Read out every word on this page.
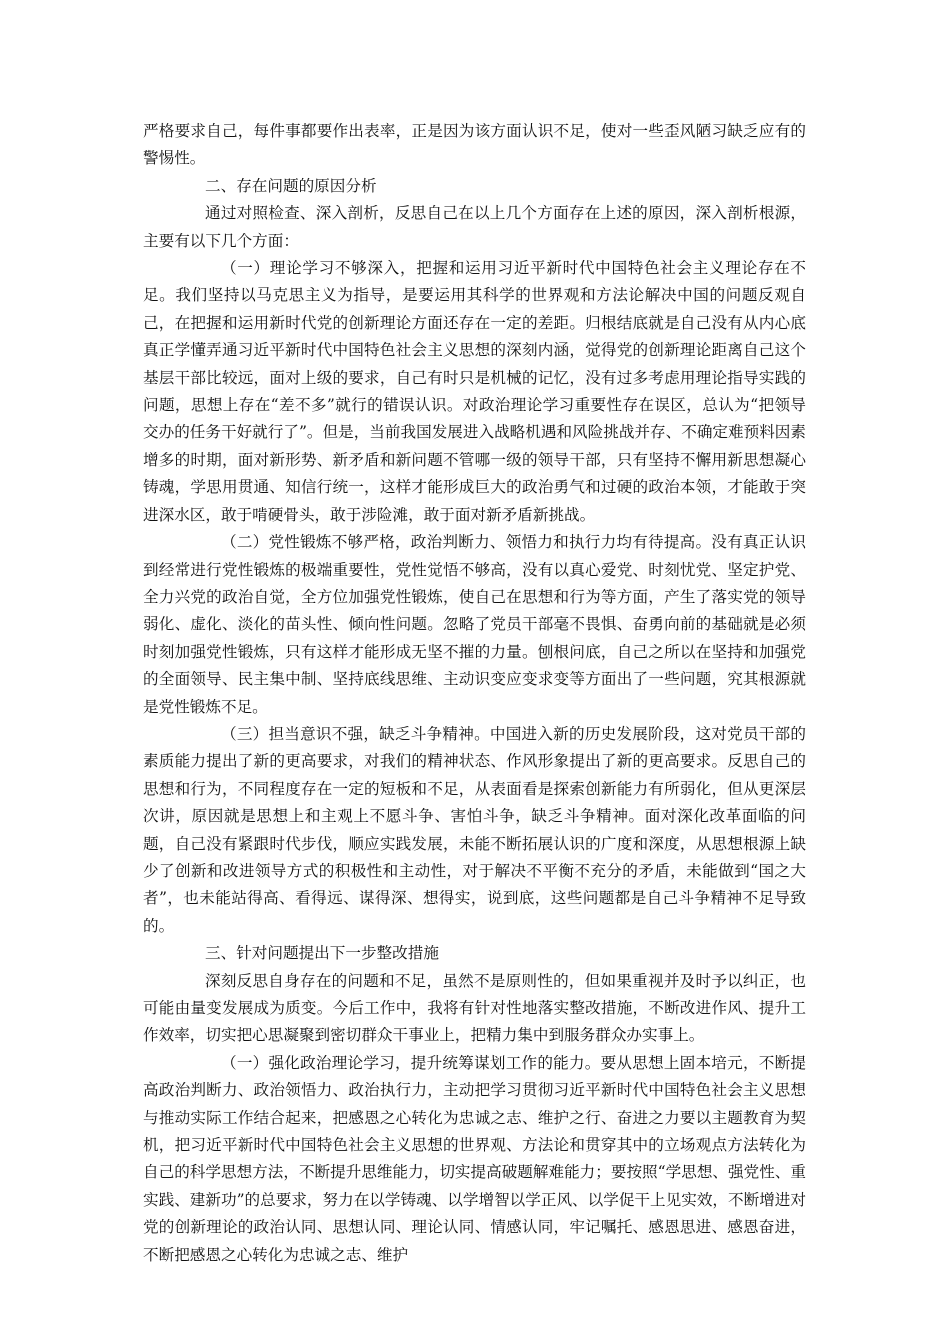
严格要求自己，每件事都要作出表率，正是因为该方面认识不足，使对一些歪风陋习缺乏应有的警惕性。

二、存在问题的原因分析

通过对照检查、深入剖析，反思自己在以上几个方面存在上述的原因，深入剖析根源，主要有以下几个方面：

（一）理论学习不够深入，把握和运用习近平新时代中国特色社会主义理论存在不足。我们坚持以马克思主义为指导，是要运用其科学的世界观和方法论解决中国的问题反观自己，在把握和运用新时代党的创新理论方面还存在一定的差距。归根结底就是自己没有从内心底真正学懂弄通习近平新时代中国特色社会主义思想的深刻内涵，觉得党的创新理论距离自己这个基层干部比较远，面对上级的要求，自己有时只是机械的记忆，没有过多考虑用理论指导实践的问题，思想上存在“差不多”就行的错误认识。对政治理论学习重要性存在误区，总认为“把领导交办的任务干好就行了”。但是，当前我国发展进入战略机遇和风险挑战并存、不确定难预料因素增多的时期，面对新形势、新矛盾和新问题不管哪一级的领导干部，只有坚持不懈用新思想凝心铸魂，学思用贯通、知信行统一，这样才能形成巨大的政治勇气和过硬的政治本领，才能敢于突进深水区，敢于啃硬骨头，敢于涉险滩，敢于面对新矛盾新挑战。

（二）党性锻炼不够严格，政治判断力、领悟力和执行力均有待提高。没有真正认识到经常进行党性锻炼的极端重要性，党性觉悟不够高，没有以真心爱党、时刻忧党、坚定护党、全力兴党的政治自觉，全方位加强党性锻炼，使自己在思想和行为等方面，产生了落实党的领导弱化、虚化、淡化的苗头性、倾向性问题。忽略了党员干部毫不畏惧、奋勇向前的基础就是必须时刻加强党性锻炼，只有这样才能形成无坚不摧的力量。刨根问底，自己之所以在坚持和加强党的全面领导、民主集中制、坚持底线思维、主动识变应变求变等方面出了一些问题，究其根源就是党性锻炼不足。

（三）担当意识不强，缺乏斗争精神。中国进入新的历史发展阶段，这对党员干部的素质能力提出了新的更高要求，对我们的精神状态、作风形象提出了新的更高要求。反思自己的思想和行为，不同程度存在一定的短板和不足，从表面看是探索创新能力有所弱化，但从更深层次讲，原因就是思想上和主观上不愿斗争、害怕斗争，缺乏斗争精神。面对深化改革面临的问题，自己没有紧跟时代步伐，顺应实践发展，未能不断拓展认识的广度和深度，从思想根源上缺少了创新和改进领导方式的积极性和主动性，对于解决不平衡不充分的矛盾，未能做到“国之大者”，也未能站得高、看得远、谋得深、想得实，说到底，这些问题都是自己斗争精神不足导致的。

三、针对问题提出下一步整改措施

深刻反思自身存在的问题和不足，虽然不是原则性的，但如果重视并及时予以纠正，也可能由量变发展成为质变。今后工作中，我将有针对性地落实整改措施，不断改进作风、提升工作效率，切实把心思凝聚到密切群众干事业上，把精力集中到服务群众办实事上。

（一）强化政治理论学习，提升统筹谋划工作的能力。要从思想上固本培元，不断提高政治判断力、政治领悟力、政治执行力，主动把学习贯彻习近平新时代中国特色社会主义思想与推动实际工作结合起来，把感恩之心转化为忠诚之志、维护之行、奋进之力要以主题教育为契机，把习近平新时代中国特色社会主义思想的世界观、方法论和贯穿其中的立场观点方法转化为自己的科学思想方法，不断提升思维能力，切实提高破题解难能力；要按照“学思想、强党性、重实践、建新功”的总要求，努力在以学铸魂、以学增智以学正风、以学促干上见实效，不断增进对党的创新理论的政治认同、思想认同、理论认同、情感认同，牢记嘱托、感恩思进、感恩奋进，不断把感恩之心转化为忠诚之志、维护
